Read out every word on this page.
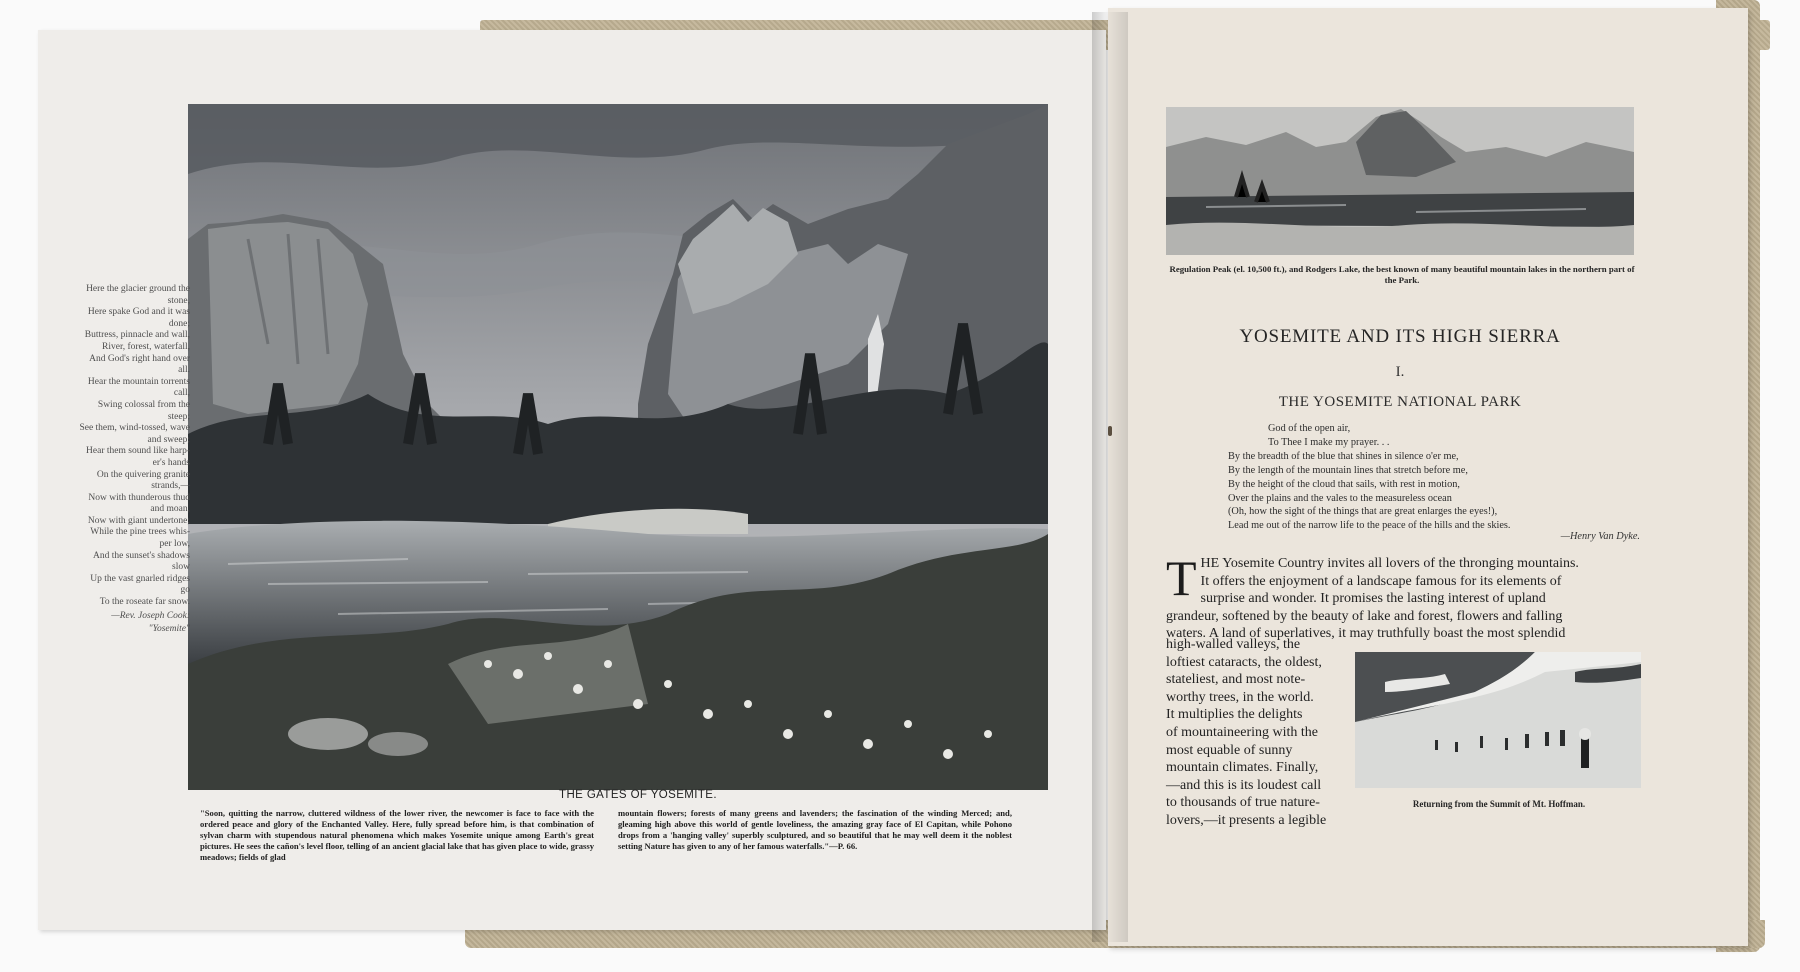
Here the glacier ground the
stone,
Here spake God and it was
done;
Buttress, pinnacle and wall,
River, forest, waterfall,
And God's right hand over
all.
Hear the mountain torrents
call,
Swing colossal from the
steep;
See them, wind-tossed, wave
and sweep;
Hear them sound like harp-
er's hands
On the quivering granite
strands,—
Now with thunderous thud
and moan,
Now with giant undertone;
While the pine trees whis-
per low,
And the sunset's shadows
slow
Up the vast gnarled ridges
go
To the roseate far snow.
—Rev. Joseph Cook:
"Yosemite"
THE GATES OF YOSEMITE.
"Soon, quitting the narrow, cluttered wildness of the lower river, the newcomer is face to face with the ordered peace and glory of the Enchanted Valley. Here, fully spread before him, is that combination of sylvan charm with stupendous natural phenomena which makes Yosemite unique among Earth's great pictures. He sees the cañon's level floor, telling of an ancient glacial lake that has given place to wide, grassy meadows; fields of glad
mountain flowers; forests of many greens and lavenders; the fascination of the winding Merced; and, gleaming high above this world of gentle loveliness, the amazing gray face of El Capitan, while Pohono drops from a 'hanging valley' superbly sculptured, and so beautiful that he may well deem it the noblest setting Nature has given to any of her famous waterfalls."—P. 66.
Regulation Peak (el. 10,500 ft.), and Rodgers Lake, the best known of many beautiful mountain lakes in the northern part of the Park.
YOSEMITE AND ITS HIGH SIERRA
I.
THE YOSEMITE NATIONAL PARK
God of the open air,
To Thee I make my prayer. . .
By the breadth of the blue that shines in silence o'er me,
By the length of the mountain lines that stretch before me,
By the height of the cloud that sails, with rest in motion,
Over the plains and the vales to the measureless ocean
(Oh, how the sight of the things that are great enlarges the eyes!),
Lead me out of the narrow life to the peace of the hills and the skies.
—Henry Van Dyke.
T HE Yosemite Country invites all lovers of the thronging mountains.
It offers the enjoyment of a landscape famous for its elements of
surprise and wonder. It promises the lasting interest of upland
grandeur, softened by the beauty of lake and forest, flowers and falling
waters. A land of superlatives, it may truthfully boast the most splendid
high-walled valleys, the
loftiest cataracts, the oldest,
stateliest, and most note-
worthy trees, in the world.
It multiplies the delights
of mountaineering with the
most equable of sunny
mountain climates. Finally,
—and this is its loudest call
to thousands of true nature-
lovers,—it presents a legible
Returning from the Summit of Mt. Hoffman.
